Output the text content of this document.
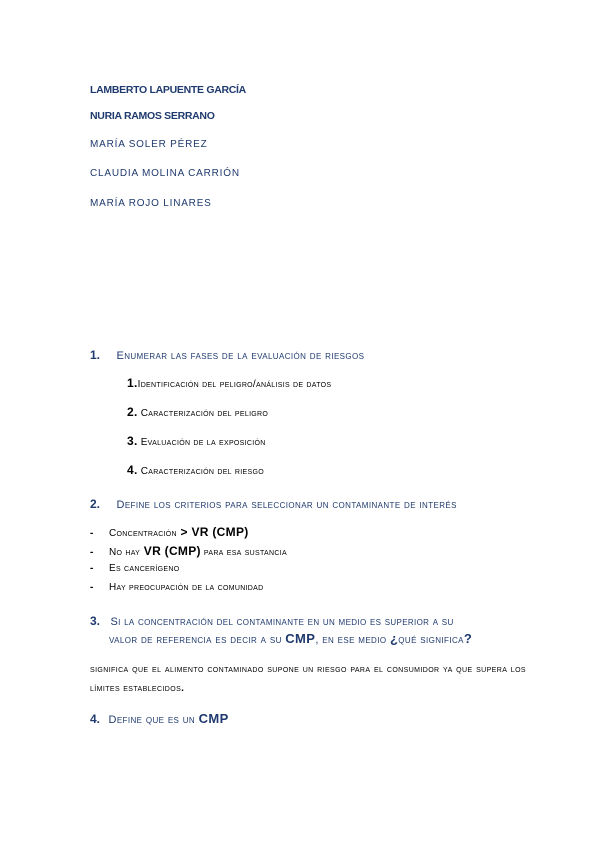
LAMBERTO LAPUENTE GARCÍA
NURIA RAMOS SERRANO
MARÍA SOLER PÉREZ
CLAUDIA MOLINA CARRIÓN
MARÍA ROJO LINARES
1. Enumerar las fases de la evaluación de riesgos
1.Identificación del peligro/análisis de datos
2. Caracterización del peligro
3. Evaluación de la exposición
4. Caracterización del riesgo
2. Define los criterios para seleccionar un contaminante de interés
- Concentración > VR (CMP)
- No hay VR (CMP) para esa sustancia
- Es cancerígeno
- Hay preocupación de la comunidad
3. Si la concentración del contaminante en un medio es superior a su
valor de referencia es decir a su CMP, en ese medio ¿qué significa?
significa que el alimento contaminado supone un riesgo para el consumidor ya que supera los límites establecidos.
4. Define que es un CMP
